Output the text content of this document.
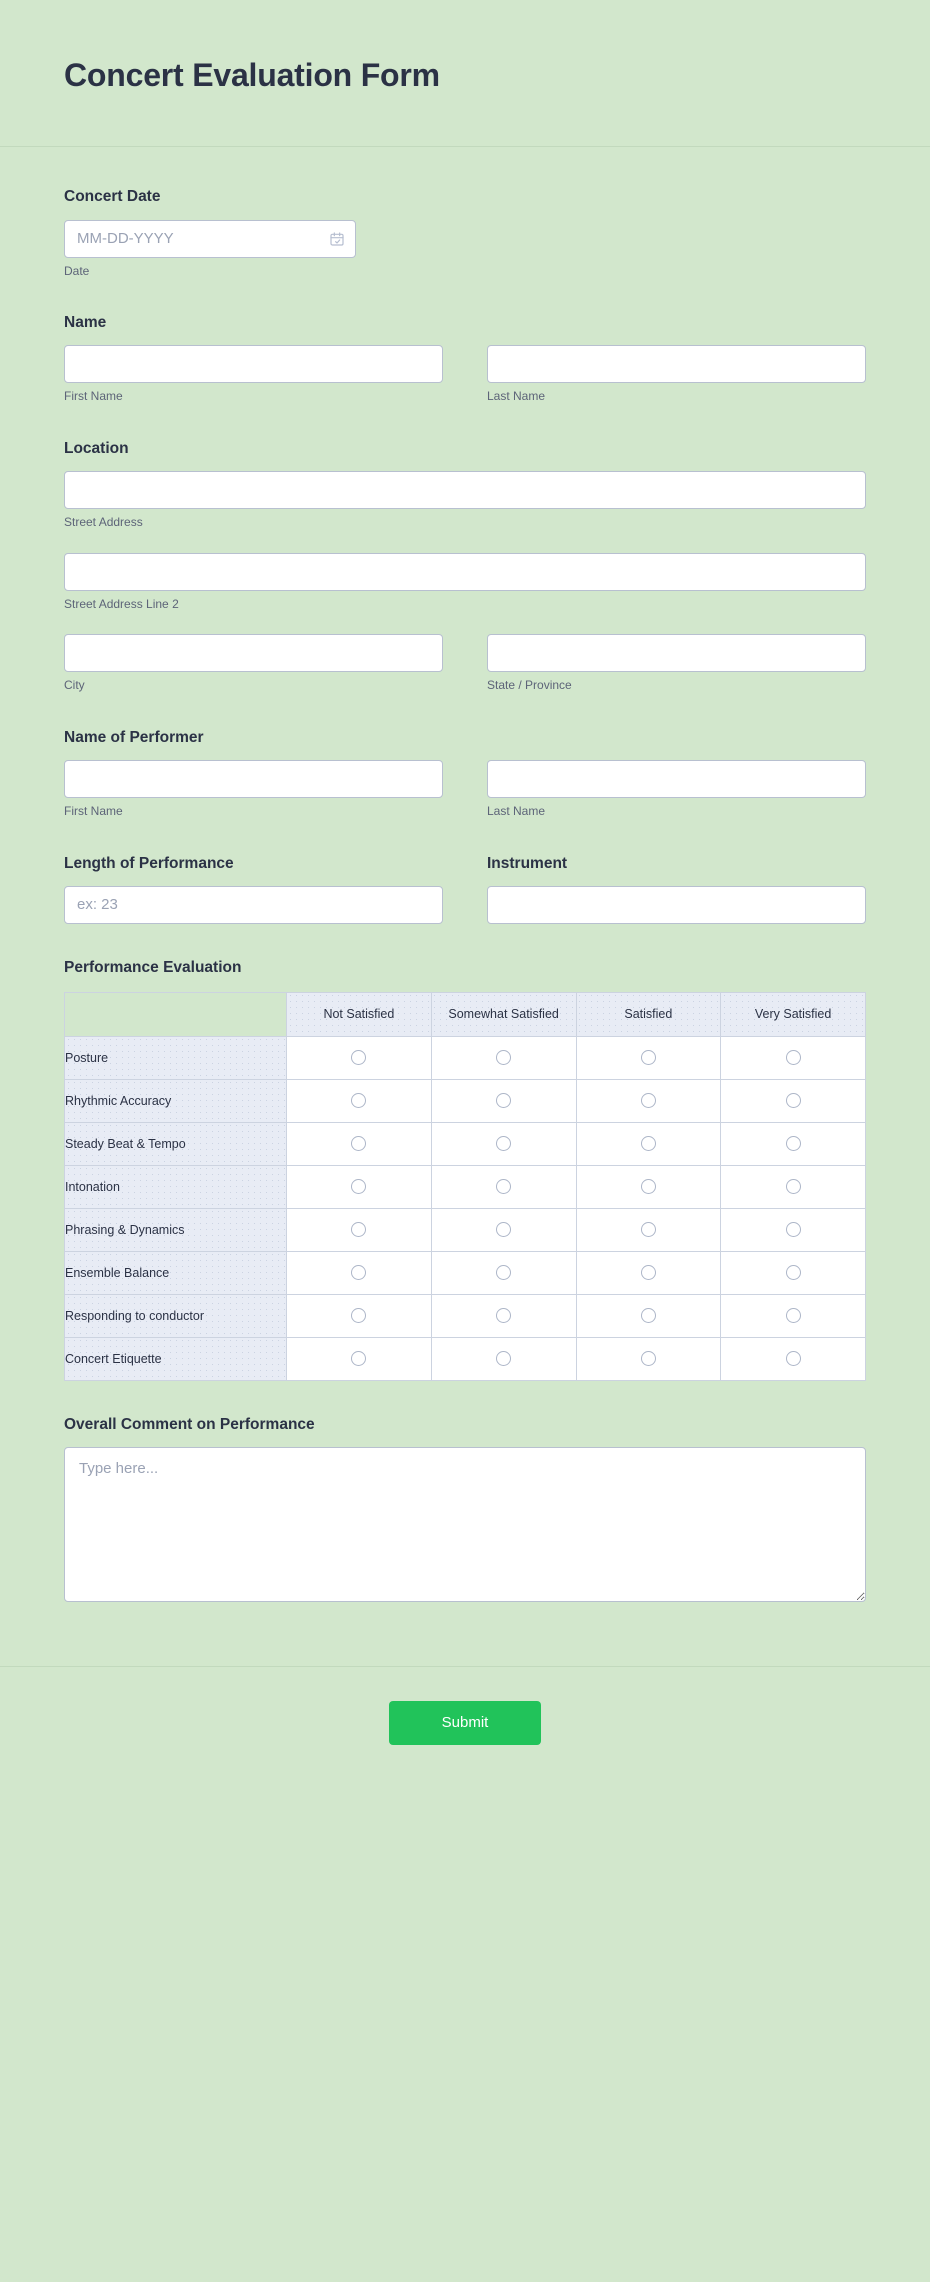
Concert Evaluation Form
Concert Date
MM-DD-YYYY
Date
Name
First Name	Last Name
Location
Street Address
Street Address Line 2
City	State / Province
Name of Performer
First Name	Last Name
Length of Performance
ex: 23	Instrument
Performance Evaluation
	Not Satisfied	Somewhat Satisfied	Satisfied	Very Satisfied
Posture				
Rhythmic Accuracy				
Steady Beat & Tempo				
Intonation				
Phrasing & Dynamics				
Ensemble Balance				
Responding to conductor				
Concert Etiquette				
Overall Comment on Performance
Type here...
Submit
